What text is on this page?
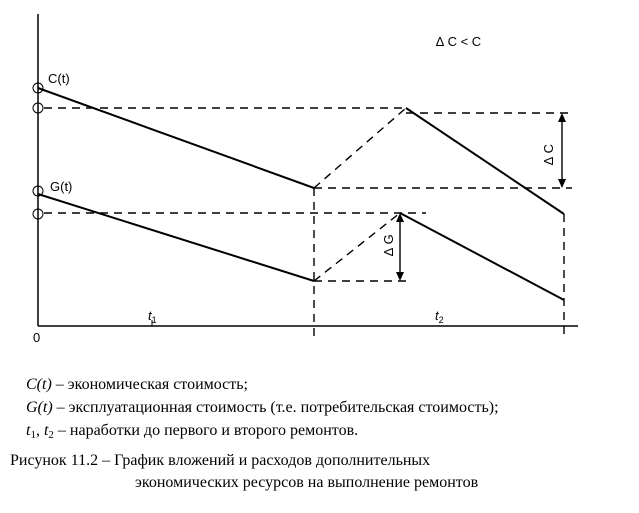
0
C(t)
G(t)
∆ C < C
∆ C
∆ G
$t_1$	$t_2$
C(t) – экономическая стоимость;
G(t) – эксплуатационная стоимость (т.е. потребительская стоимость);
$t_1$, $t_2$ – наработки до первого и второго ремонтов.
Рисунок 11.2 – График вложений и расходов дополнительных
экономических ресурсов на выполнение ремонтов
